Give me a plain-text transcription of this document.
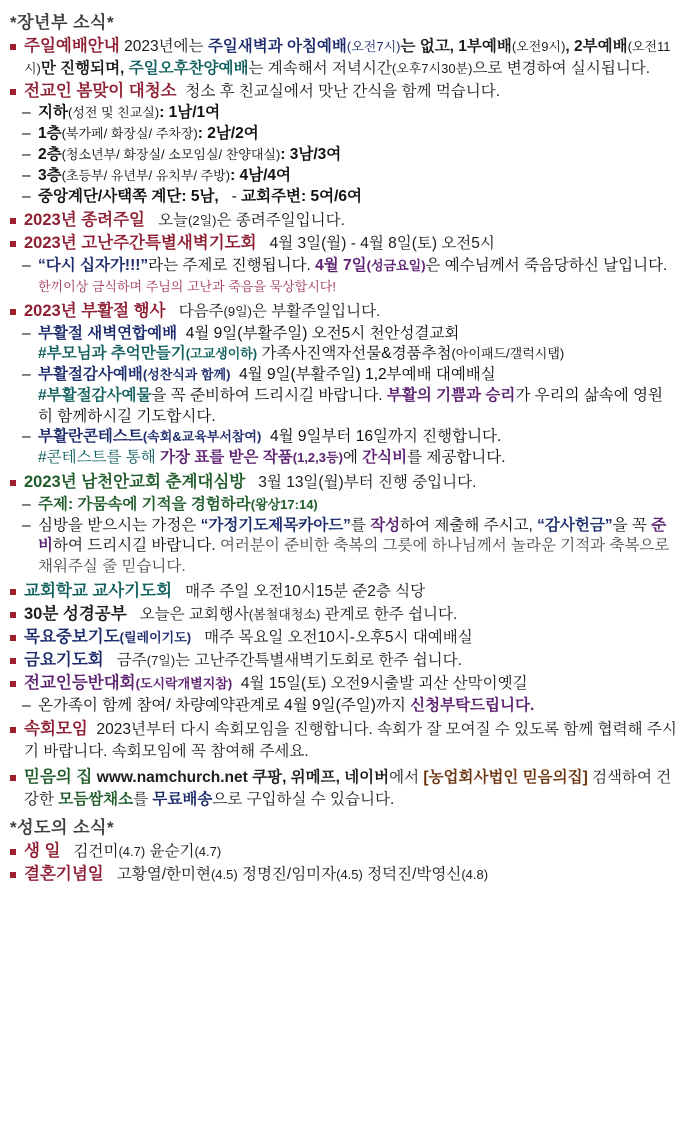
*장년부 소식*
주일예배안내 2023년에는 주일새벽과 아침예배(오전7시)는 없고, 1부예배(오전9시), 2부예배(오전11시)만 진행되며, 주일오후찬양예배는 계속해서 저녁시간(오후7시30분)으로 변경하여 실시됩니다.
전교인 봄맞이 대청소 청소 후 친교실에서 맛난 간식을 함께 먹습니다.
– 지하(성전 및 친교실): 1남/1여
– 1층(북가페/ 화장실/ 주차장): 2남/2여
– 2층(청소년부/ 화장실/ 소모임실/ 찬양대실): 3남/3여
– 3층(초등부/ 유년부/ 유치부/ 주방): 4남/4여
– 중앙계단/사택쪽 계단: 5남, - 교회주변: 5여/6여
2023년 종려주일 오늘(2일)은 종려주일입니다.
2023년 고난주간특별새벽기도회 4월 3일(월) - 4월 8일(토) 오전5시
– “다시 십자가!!!”라는 주제로 진행됩니다. 4월 7일(성금요일)은 예수님께서 죽음당하신 날입니다. 한끼이상 금식하며 주님의 고난과 죽음을 묵상합시다!
2023년 부활절 행사 다음주(9일)은 부활주일입니다.
– 부활절 새벽연합예배 4월 9일(부활주일) 오전5시 천안성결교회
#부모님과 추억만들기(고교생이하) 가족사진액자선물&경품추첨(아이패드/갤럭시탭)
– 부활절감사예배(성찬식과 함께) 4월 9일(부활주일) 1,2부예배 대예배실
#부활절감사예물을 꼭 준비하여 드리시길 바랍니다. 부활의 기쁨과 승리가 우리의 삶속에 영원히 함께하시길 기도합시다.
– 부활란콘테스트(속회&교육부서참여) 4월 9일부터 16일까지 진행합니다.
#콘테스트를 통해 가장 표를 받은 작품(1,2,3등)에 간식비를 제공합니다.
2023년 남천안교회 춘계대심방 3월 13일(월)부터 진행 중입니다.
– 주제: 가뭄속에 기적을 경험하라(왕상17:14)
– 심방을 받으시는 가정은 “가정기도제목카아드”를 작성하여 제출해 주시고, “감사헌금”을 꼭 준비하여 드리시길 바랍니다. 여러분이 준비한 축복의 그릇에 하나님께서 놀라운 기적과 축복으로 채워주실 줄 믿습니다.
교회학교 교사기도회 매주 주일 오전10시15분 준2층 식당
30분 성경공부 오늘은 교회행사(봄철대청소) 관계로 한주 쉽니다.
목요중보기도(릴레이기도) 매주 목요일 오전10시-오후5시 대예배실
금요기도회 금주(7일)는 고난주간특별새벽기도회로 한주 쉽니다.
전교인등반대회(도시락개별지참) 4월 15일(토) 오전9시출발 괴산 산막이옛길
– 온가족이 함께 참여/ 차량예약관계로 4월 9일(주일)까지 신청부탁드립니다.
속회모임 2023년부터 다시 속회모임을 진행합니다. 속회가 잘 모여질 수 있도록 함께 협력해 주시기 바랍니다. 속회모임에 꼭 참여해 주세요.
믿음의 집 www.namchurch.net 쿠팡, 위메프, 네이버에서 [농업회사법인 믿음의집] 검색하여 건강한 모듬쌈채소를 무료배송으로 구입하실 수 있습니다.
*성도의 소식*
생 일 김건미(4.7) 윤순기(4.7)
결혼기념일 고황열/한미현(4.5) 정명진/임미자(4.5) 정덕진/박영신(4.8)
